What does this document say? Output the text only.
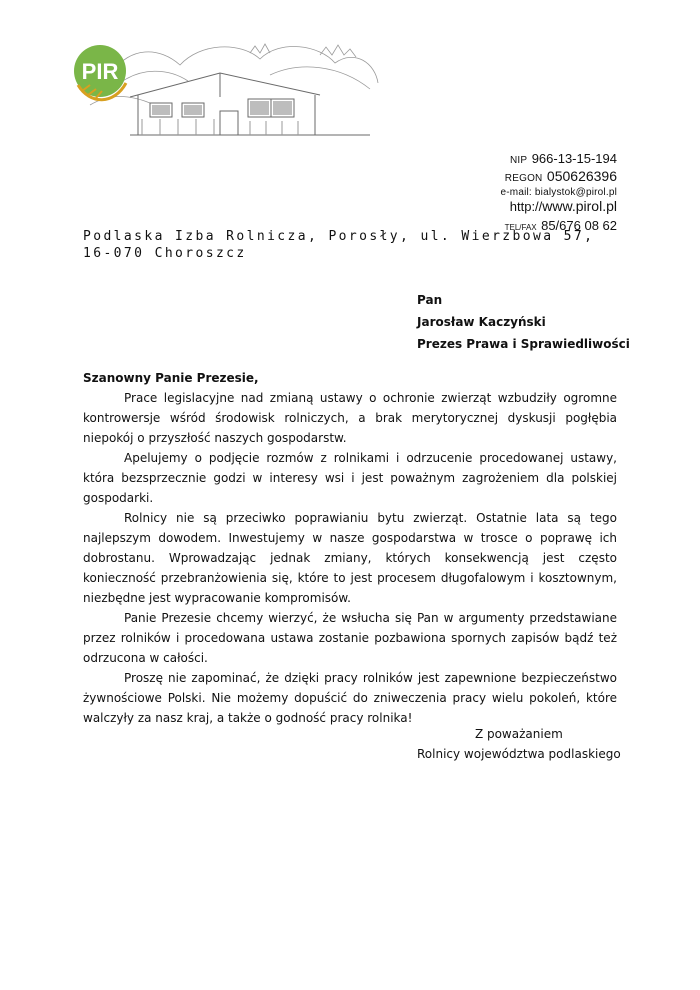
PIR
NIP 966-13-15-194
REGON 050626396
e-mail: bialystok@pirol.pl
http://www.pirol.pl
TEL/FAX 85/676 08 62
Podlaska Izba Rolnicza, Porosły, ul. Wierzbowa 57, 16-070 Choroszcz
Pan
Jarosław Kaczyński
Prezes Prawa i Sprawiedliwości
Szanowny Panie Prezesie,

Prace legislacyjne nad zmianą ustawy o ochronie zwierząt wzbudziły ogromne kontrowersje wśród środowisk rolniczych, a brak merytorycznej dyskusji pogłębia niepokój o przyszłość naszych gospodarstw.

Apelujemy o podjęcie rozmów z rolnikami i odrzucenie procedowanej ustawy, która bezsprzecznie godzi w interesy wsi i jest poważnym zagrożeniem dla polskiej gospodarki.

Rolnicy nie są przeciwko poprawianiu bytu zwierząt. Ostatnie lata są tego najlepszym dowodem. Inwestujemy w nasze gospodarstwa w trosce o poprawę ich dobrostanu. Wprowadzając jednak zmiany, których konsekwencją jest często konieczność przebranżowienia się, które to jest procesem długofalowym i kosztownym, niezbędne jest wypracowanie kompromisów.

Panie Prezesie chcemy wierzyć, że wsłucha się Pan w argumenty przedstawiane przez rolników i procedowana ustawa zostanie pozbawiona spornych zapisów bądź też odrzucona w całości.

Proszę nie zapominać, że dzięki pracy rolników jest zapewnione bezpieczeństwo żywnościowe Polski. Nie możemy dopuścić do zniweczenia pracy wielu pokoleń, które walczyły za nasz kraj, a także o godność pracy rolnika!

Z poważaniem
Rolnicy województwa podlaskiego
